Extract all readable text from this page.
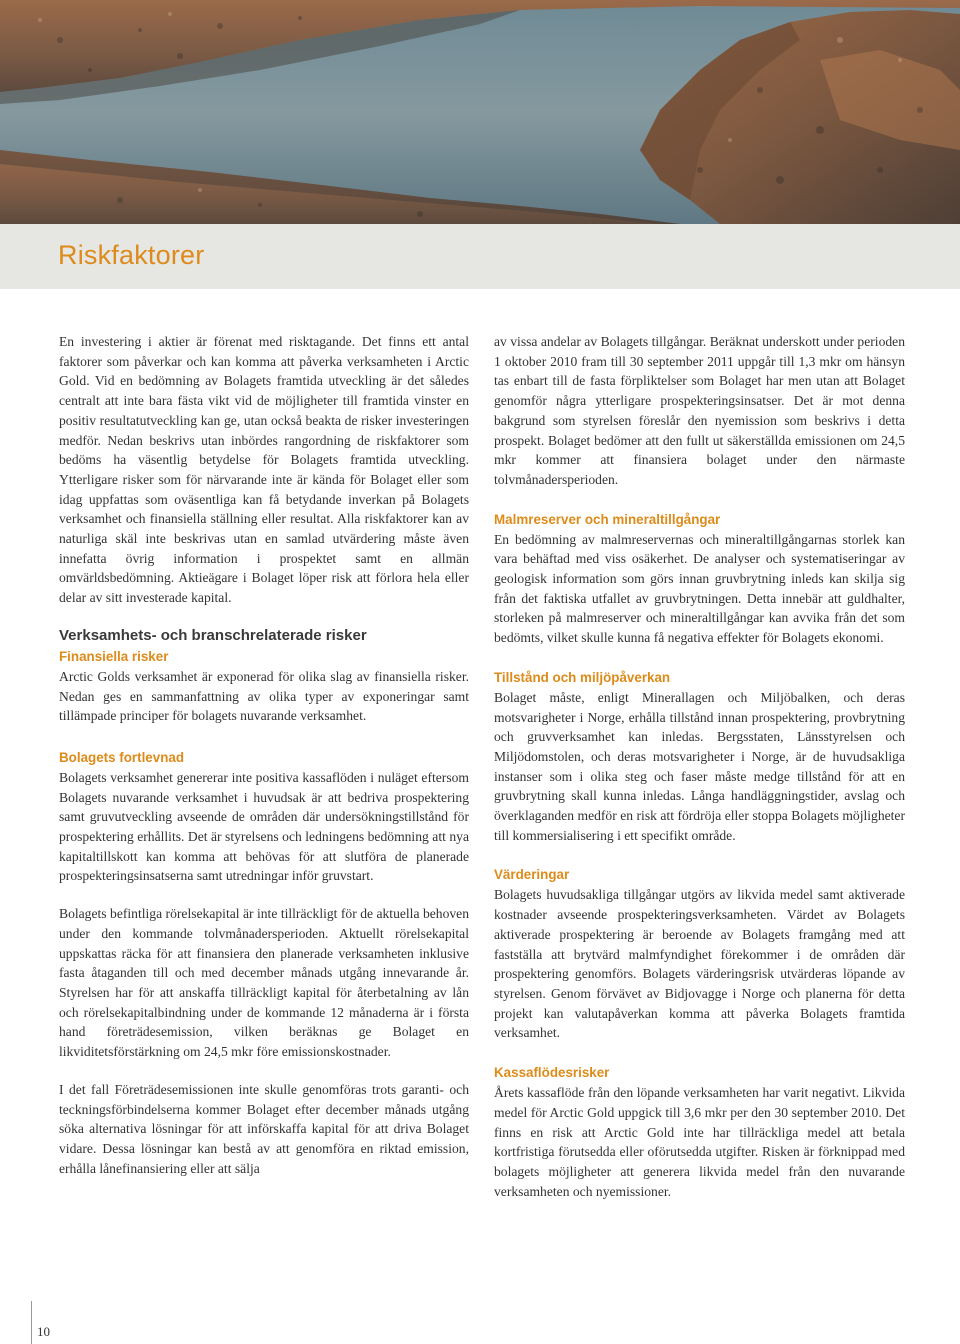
Riskfaktorer

En investering i aktier är förenat med risktagande. Det finns ett antal faktorer som påverkar och kan komma att påverka verksamheten i Arctic Gold. Vid en bedömning av Bolagets framtida utveckling är det således centralt att inte bara fästa vikt vid de möjligheter till framtida vinster en positiv resultatutveckling kan ge, utan också beakta de risker investeringen medför. Nedan beskrivs utan inbördes rangordning de riskfaktorer som bedöms ha väsentlig betydelse för Bolagets framtida utveckling. Ytterligare risker som för närvarande inte är kända för Bolaget eller som idag uppfattas som oväsentliga kan få betydande inverkan på Bolagets verksamhet och finansiella ställning eller resultat. Alla riskfaktorer kan av naturliga skäl inte beskrivas utan en samlad utvärdering måste även innefatta övrig information i prospektet samt en allmän omvärldsbedömning. Aktieägare i Bolaget löper risk att förlora hela eller delar av sitt investerade kapital.

Verksamhets- och branschrelaterade risker
Finansiella risker

Arctic Golds verksamhet är exponerad för olika slag av finansiella risker. Nedan ges en sammanfattning av olika typer av exponeringar samt tillämpade principer för bolagets nuvarande verksamhet.

Bolagets fortlevnad

Bolagets verksamhet genererar inte positiva kassaflöden i nuläget eftersom Bolagets nuvarande verksamhet i huvudsak är att bedriva prospektering samt gruvutveckling avseende de områden där undersökningstillstånd för prospektering erhållits. Det är styrelsens och ledningens bedömning att nya kapitaltillskott kan komma att behövas för att slutföra de planerade prospekteringsinsatserna samt utredningar inför gruvstart.

Bolagets befintliga rörelsekapital är inte tillräckligt för de aktuella behoven under den kommande tolvmånadersperioden. Aktuellt rörelsekapital uppskattas räcka för att finansiera den planerade verksamheten inklusive fasta åtaganden till och med december månads utgång innevarande år. Styrelsen har för att anskaffa tillräckligt kapital för återbetalning av lån och rörelsekapitalbindning under de kommande 12 månaderna är i första hand företrädesemission, vilken beräknas ge Bolaget en likviditetsförstärkning om 24,5 mkr före emissionskostnader.

I det fall Företrädesemissionen inte skulle genomföras trots garanti- och teckningsförbindelserna kommer Bolaget efter december månads utgång söka alternativa lösningar för att införskaffa kapital för att driva Bolaget vidare. Dessa lösningar kan bestå av att genomföra en riktad emission, erhålla lånefinansiering eller att sälja

av vissa andelar av Bolagets tillgångar. Beräknat underskott under perioden 1 oktober 2010 fram till 30 september 2011 uppgår till 1,3 mkr om hänsyn tas enbart till de fasta förpliktelser som Bolaget har men utan att Bolaget genomför några ytterligare prospekteringsinsatser. Det är mot denna bakgrund som styrelsen föreslår den nyemission som beskrivs i detta prospekt. Bolaget bedömer att den fullt ut säkerställda emissionen om 24,5 mkr kommer att finansiera bolaget under den närmaste tolvmånadersperioden.

Malmreserver och mineraltillgångar

En bedömning av malmreservernas och mineraltillgångarnas storlek kan vara behäftad med viss osäkerhet. De analyser och systematiseringar av geologisk information som görs innan gruvbrytning inleds kan skilja sig från det faktiska utfallet av gruvbrytningen. Detta innebär att guldhalter, storleken på malmreserver och mineraltillgångar kan avvika från det som bedömts, vilket skulle kunna få negativa effekter för Bolagets ekonomi.

Tillstånd och miljöpåverkan

Bolaget måste, enligt Minerallagen och Miljöbalken, och deras motsvarigheter i Norge, erhålla tillstånd innan prospektering, provbrytning och gruvverksamhet kan inledas. Bergsstaten, Länsstyrelsen och Miljödomstolen, och deras motsvarigheter i Norge, är de huvudsakliga instanser som i olika steg och faser måste medge tillstånd för att en gruvbrytning skall kunna inledas. Långa handläggningstider, avslag och överklaganden medför en risk att fördröja eller stoppa Bolagets möjligheter till kommersialisering i ett specifikt område.

Värderingar

Bolagets huvudsakliga tillgångar utgörs av likvida medel samt aktiverade kostnader avseende prospekteringsverksamheten. Värdet av Bolagets aktiverade prospektering är beroende av Bolagets framgång med att fastställa att brytvärd malmfyndighet förekommer i de områden där prospektering genomförs. Bolagets värderingsrisk utvärderas löpande av styrelsen. Genom förvävet av Bidjovagge i Norge och planerna för detta projekt kan valutapåverkan komma att påverka Bolagets framtida verksamhet.

Kassaflödesrisker

Årets kassaflöde från den löpande verksamheten har varit negativt. Likvida medel för Arctic Gold uppgick till 3,6 mkr per den 30 september 2010. Det finns en risk att Arctic Gold inte har tillräckliga medel att betala kortfristiga förutsedda eller oförutsedda utgifter. Risken är förknippad med bolagets möjligheter att generera likvida medel från den nuvarande verksamheten och nyemissioner.

10
